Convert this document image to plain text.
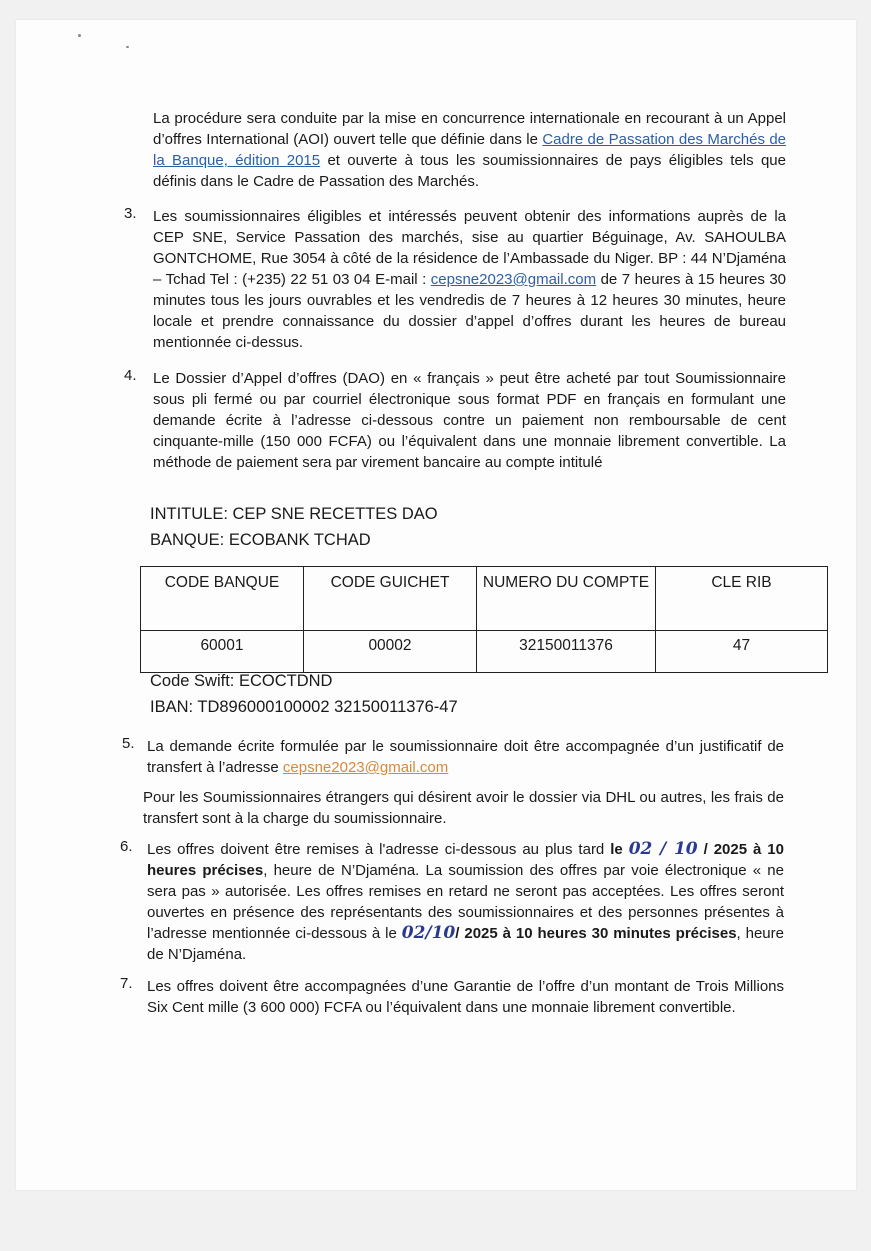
La procédure sera conduite par la mise en concurrence internationale en recourant à un Appel d’offres International (AOI) ouvert telle que définie dans le Cadre de Passation des Marchés de la Banque, édition 2015 et ouverte à tous les soumissionnaires de pays éligibles tels que définis dans le Cadre de Passation des Marchés.
3. Les soumissionnaires éligibles et intéressés peuvent obtenir des informations auprès de la CEP SNE, Service Passation des marchés, sise au quartier Béguinage, Av. SAHOULBA GONTCHOME, Rue 3054 à côté de la résidence de l’Ambassade du Niger. BP : 44 N’Djaména – Tchad Tel : (+235) 22 51 03 04 E-mail : cepsne2023@gmail.com de 7 heures à 15 heures 30 minutes tous les jours ouvrables et les vendredis de 7 heures à 12 heures 30 minutes, heure locale et prendre connaissance du dossier d’appel d’offres durant les heures de bureau mentionnée ci-dessus.
4. Le Dossier d’Appel d’offres (DAO) en « français » peut être acheté par tout Soumissionnaire sous pli fermé ou par courriel électronique sous format PDF en français en formulant une demande écrite à l’adresse ci-dessous contre un paiement non remboursable de cent cinquante-mille (150 000 FCFA) ou l’équivalent dans une monnaie librement convertible. La méthode de paiement sera par virement bancaire au compte intitulé
INTITULE: CEP SNE RECETTES DAO
BANQUE: ECOBANK TCHAD
CODE BANQUE	CODE GUICHET	NUMERO DU COMPTE	CLE RIB
60001	00002	32150011376	47
Code Swift: ECOCTDND
IBAN: TD896000100002 32150011376-47
5. La demande écrite formulée par le soumissionnaire doit être accompagnée d’un justificatif de transfert à l’adresse cepsne2023@gmail.com
Pour les Soumissionnaires étrangers qui désirent avoir le dossier via DHL ou autres, les frais de transfert sont à la charge du soumissionnaire.
6. Les offres doivent être remises à l'adresse ci-dessous au plus tard le 02 / 10 / 2025 à 10 heures précises, heure de N’Djaména. La soumission des offres par voie électronique « ne sera pas » autorisée. Les offres remises en retard ne seront pas acceptées. Les offres seront ouvertes en présence des représentants des soumissionnaires et des personnes présentes à l’adresse mentionnée ci-dessous à le 02/10/ 2025 à 10 heures 30 minutes précises, heure de N’Djaména.
7. Les offres doivent être accompagnées d’une Garantie de l’offre d’un montant de Trois Millions Six Cent mille (3 600 000) FCFA ou l’équivalent dans une monnaie librement convertible.
